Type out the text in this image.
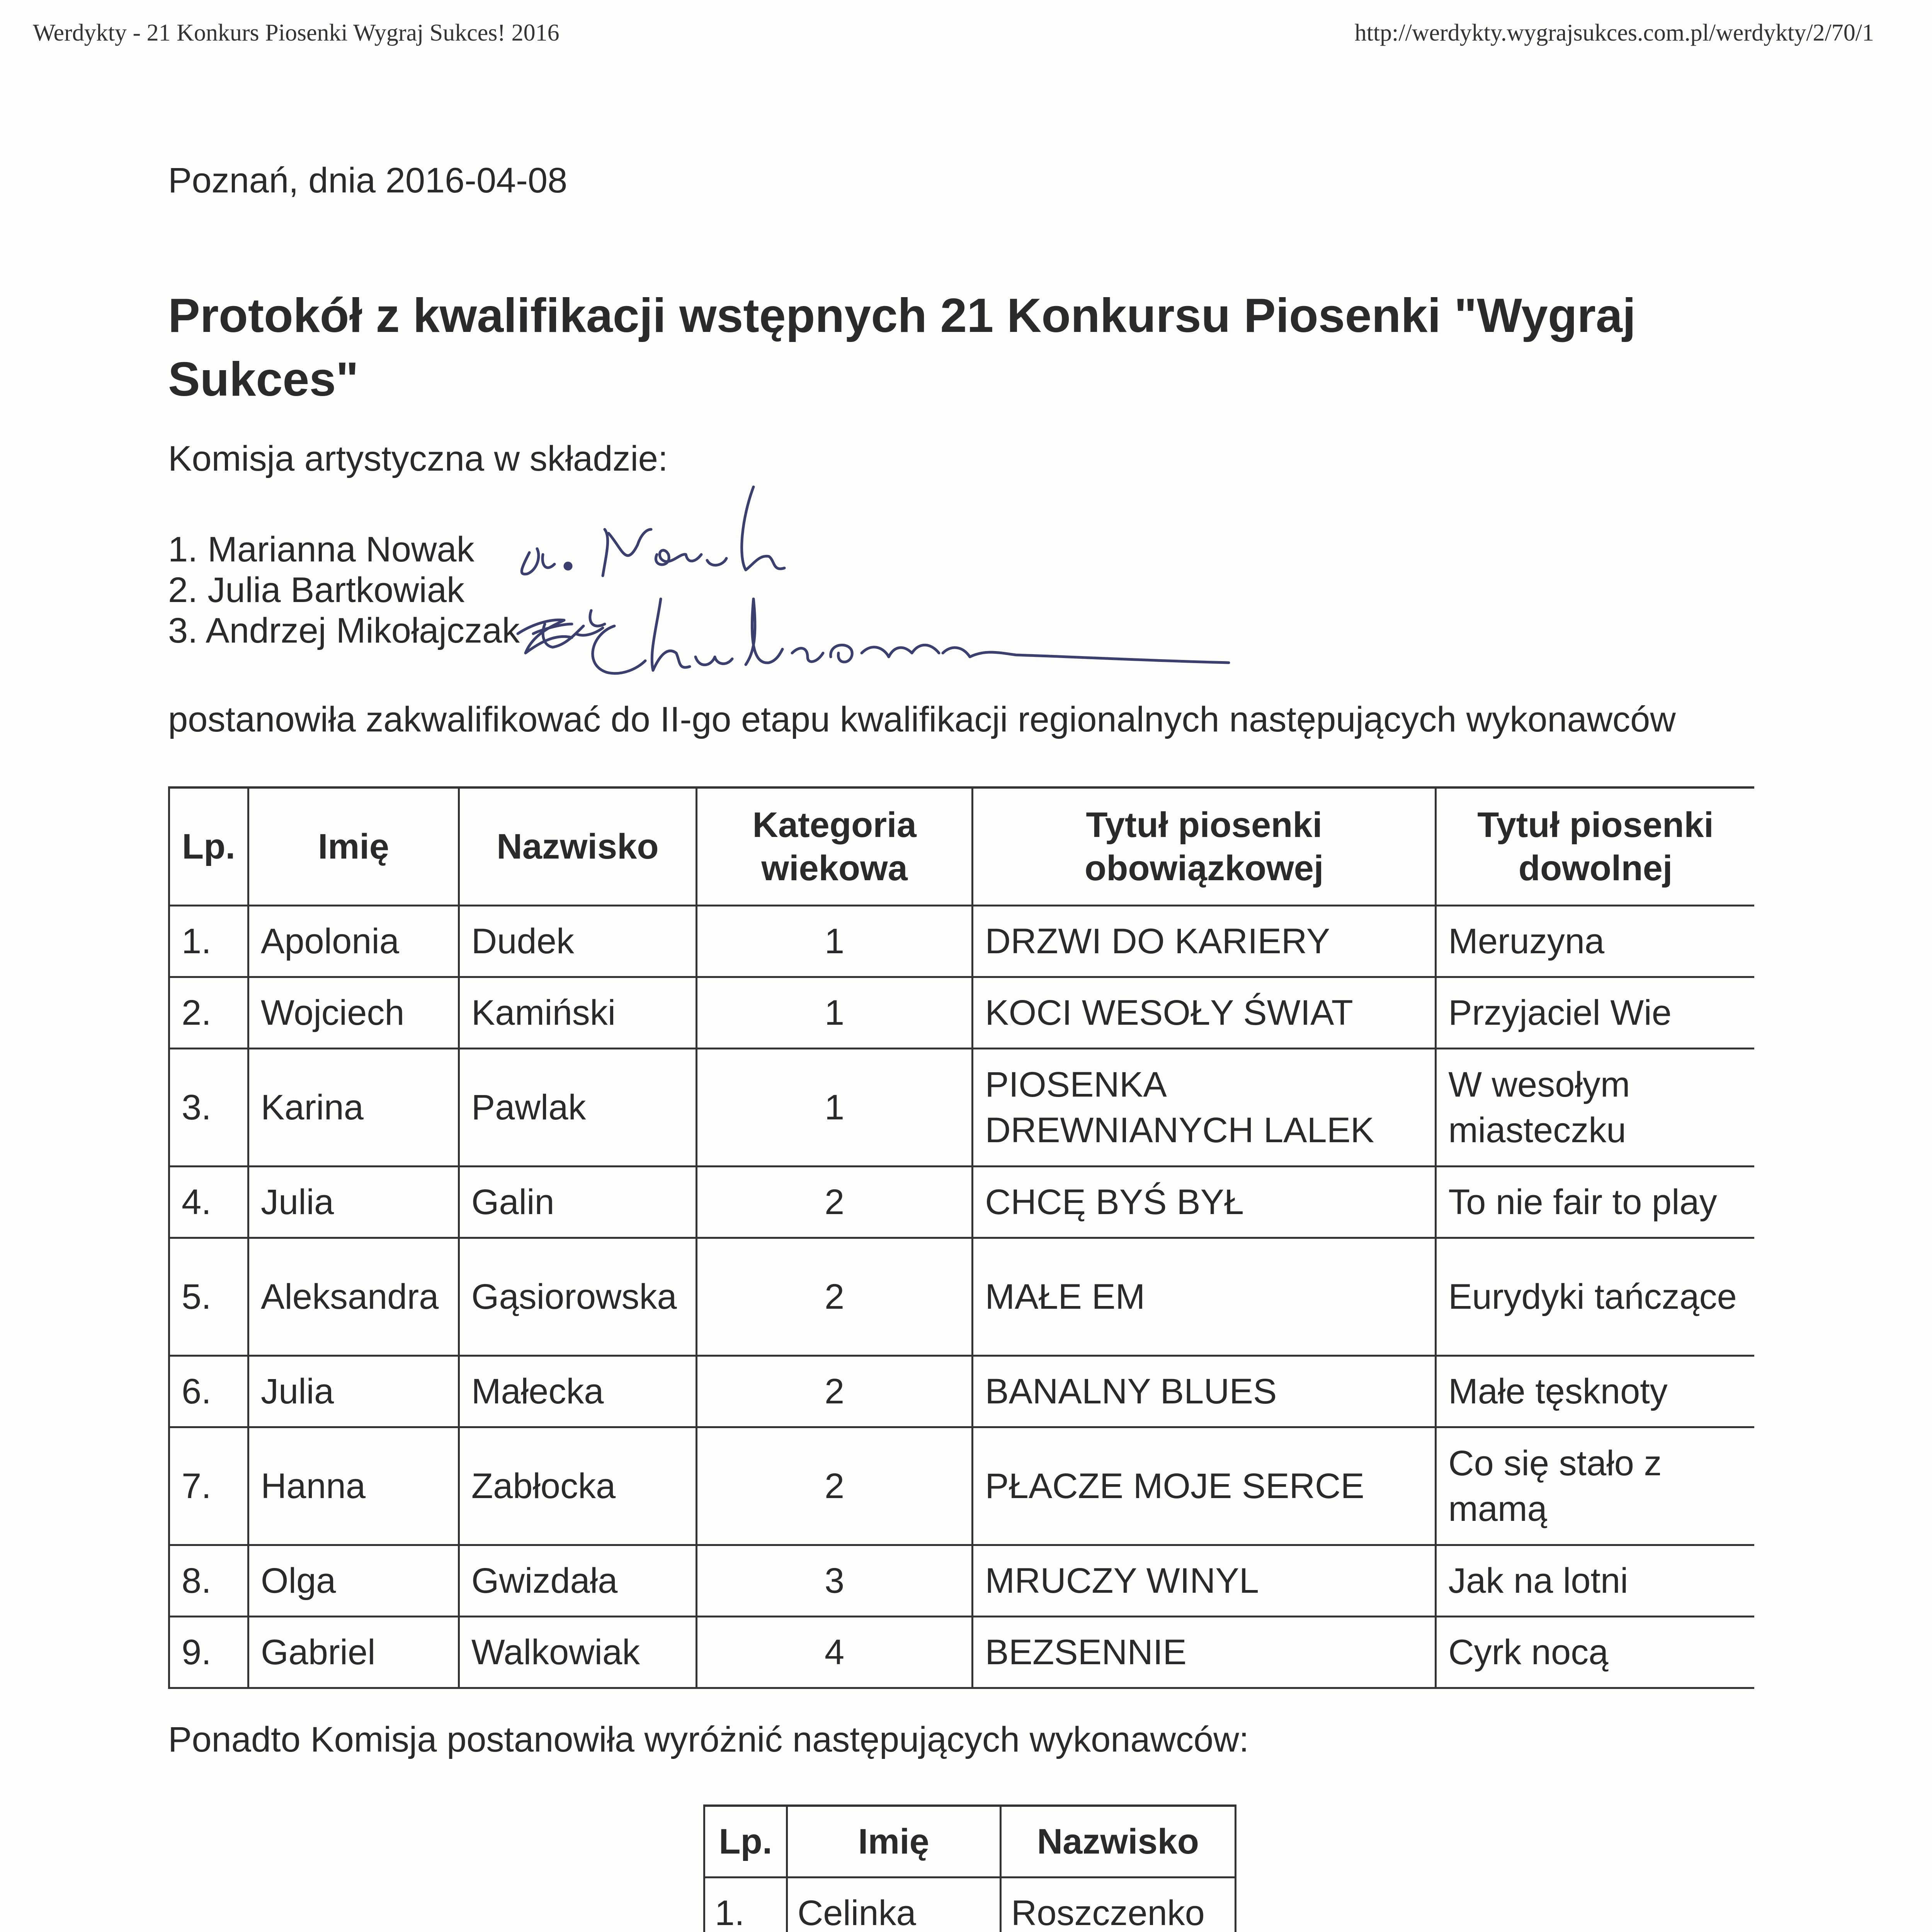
Werdykty - 21 Konkurs Piosenki Wygraj Sukces! 2016	http://werdykty.wygrajsukces.com.pl/werdykty/2/70/1
Poznań, dnia 2016-04-08
Protokół z kwalifikacji wstępnych 21 Konkursu Piosenki "Wygraj Sukces"
Komisja artystyczna w składzie:
1. Marianna Nowak
2. Julia Bartkowiak
3. Andrzej Mikołajczak
postanowiła zakwalifikować do II-go etapu kwalifikacji regionalnych następujących wykonawców
Lp.	Imię	Nazwisko	Kategoria wiekowa	Tytuł piosenki obowiązkowej	Tytuł piosenki dowolnej
1.	Apolonia	Dudek	1	DRZWI DO KARIERY	Meruzyna
2.	Wojciech	Kamiński	1	KOCI WESOŁY ŚWIAT	Przyjaciel Wie
3.	Karina	Pawlak	1	PIOSENKA DREWNIANYCH LALEK	W wesołym miasteczku
4.	Julia	Galin	2	CHCĘ BYŚ BYŁ	To nie fair to play
5.	Aleksandra	Gąsiorowska	2	MAŁE EM	Eurydyki tańczące
6.	Julia	Małecka	2	BANALNY BLUES	Małe tęsknoty
7.	Hanna	Zabłocka	2	PŁACZE MOJE SERCE	Co się stało z mamą
8.	Olga	Gwizdała	3	MRUCZY WINYL	Jak na lotni
9.	Gabriel	Walkowiak	4	BEZSENNIE	Cyrk nocą
Ponadto Komisja postanowiła wyróżnić następujących wykonawców:
Lp.	Imię	Nazwisko
1.	Celinka	Roszczenko
